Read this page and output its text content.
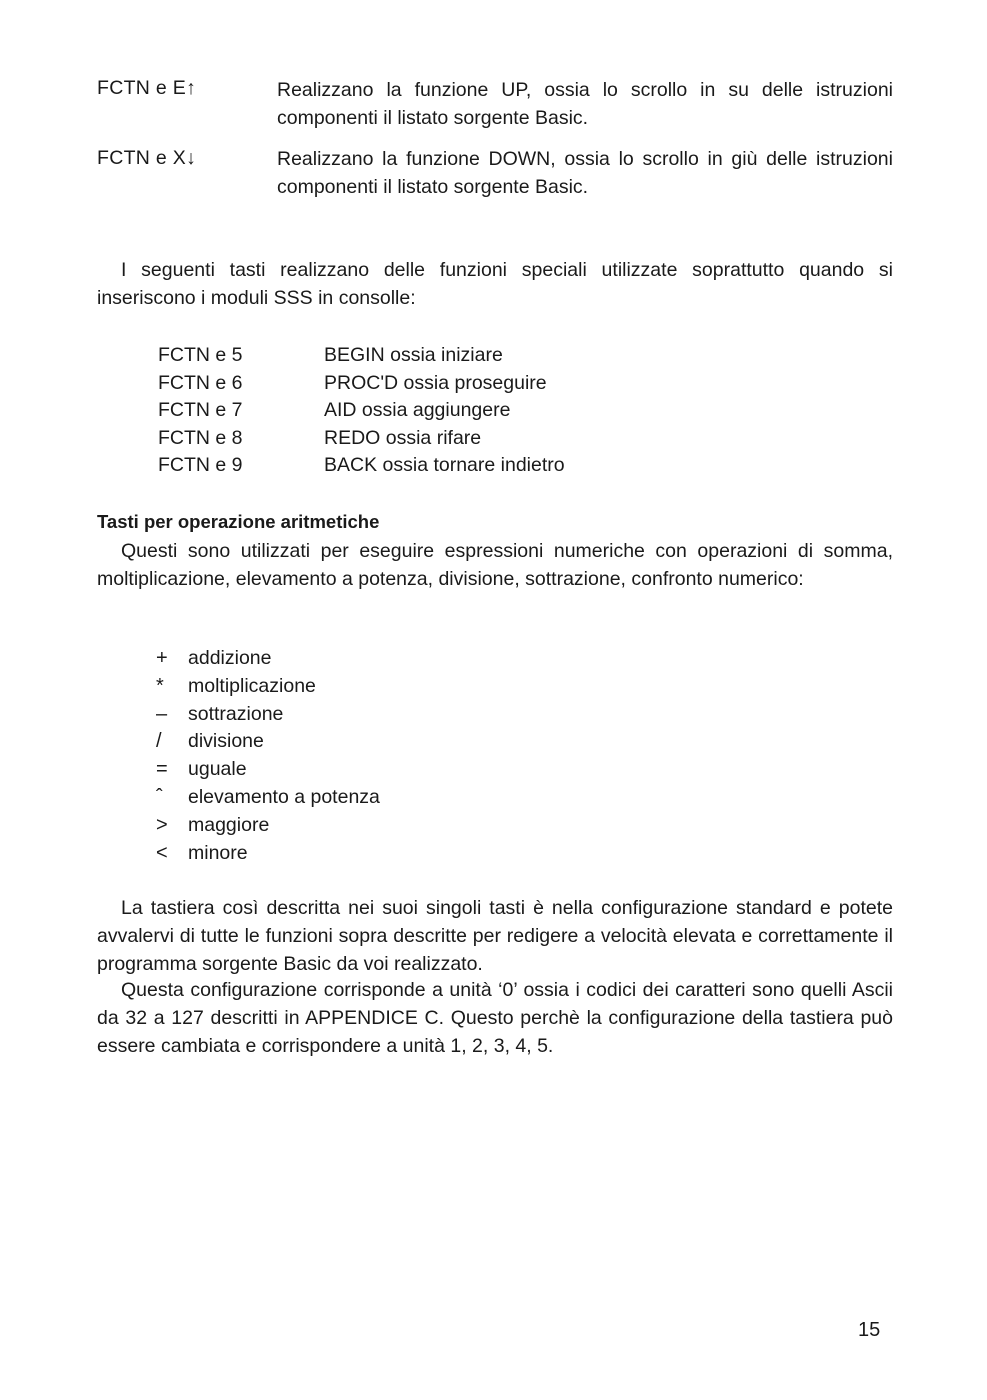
FCTN e E↑	Realizzano la funzione UP, ossia lo scrollo in su delle istruzioni componenti il listato sorgente Basic.
FCTN e X↓	Realizzano la funzione DOWN, ossia lo scrollo in giù delle istruzioni componenti il listato sorgente Basic.
I seguenti tasti realizzano delle funzioni speciali utilizzate soprattutto quando si inseriscono i moduli SSS in consolle:
FCTN e 5	BEGIN ossia iniziare
FCTN e 6	PROC'D ossia proseguire
FCTN e 7	AID ossia aggiungere
FCTN e 8	REDO ossia rifare
FCTN e 9	BACK ossia tornare indietro
Tasti per operazione aritmetiche
Questi sono utilizzati per eseguire espressioni numeriche con operazioni di somma, moltiplicazione, elevamento a potenza, divisione, sottrazione, confronto numerico:
+ addizione
* moltiplicazione
– sottrazione
/ divisione
= uguale
ˆ elevamento a potenza
> maggiore
< minore
La tastiera così descritta nei suoi singoli tasti è nella configurazione standard e potete avvalervi di tutte le funzioni sopra descritte per redigere a velocità elevata e correttamente il programma sorgente Basic da voi realizzato.
Questa configurazione corrisponde a unità ‘0’ ossia i codici dei caratteri sono quelli Ascii da 32 a 127 descritti in APPENDICE C. Questo perchè la configurazione della tastiera può essere cambiata e corrispondere a unità 1, 2, 3, 4, 5.
15
